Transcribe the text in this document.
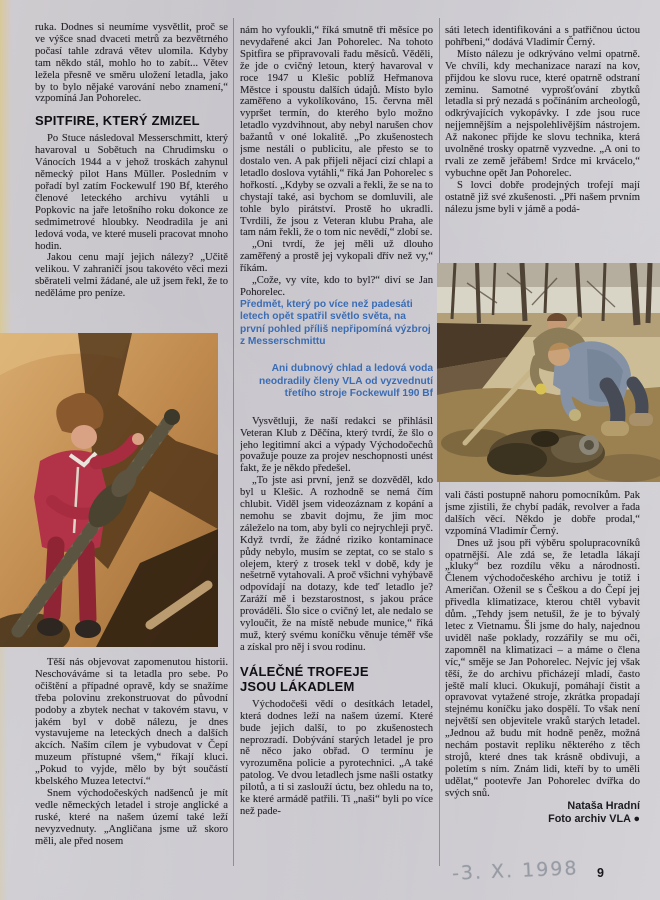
ruka. Dodnes si neumíme vysvětlit, proč se ve výšce snad dvaceti metrů za bezvětrného počasí tahle zdravá větev ulomila. Kdyby tam někdo stál, mohlo ho to zabít... Větev ležela přesně ve směru uložení letadla, jako by to bylo nějaké varování nebo znamení,“ vzpomíná Jan Pohorelec.

SPITFIRE, KTERÝ ZMIZEL

Po Stuce následoval Messerschmitt, který havaroval u Sobětuch na Chrudimsku o Vánocích 1944 a v jehož troskách zahynul německý pilot Hans Müller. Posledním v pořadí byl zatím Fockewulf 190 Bf, kterého členové leteckého archivu vytáhli u Popkovic na jaře letošního roku dokonce ze sedmimetrové hloubky. Neodradila je ani ledová voda, ve které museli pracovat mnoho hodin.

Jakou cenu mají jejich nálezy? „Učitě velikou. V zahraničí jsou takovéto věci mezi sběrateli velmi žádané, ale už jsem řekl, že to neděláme pro peníze.

Těší nás objevovat zapomenutou historii. Neschováváme si ta letadla pro sebe. Po očištění a případné opravě, kdy se snažíme třeba polovinu zrekonstruovat do původní podoby a zbytek nechat v takovém stavu, v jakém byl v době nálezu, je dnes vystavujeme na leteckých dnech a dalších akcích. Naším cílem je vybudovat v Čepí muzeum přístupné všem,“ říkají kluci. „Pokud to vyjde, mělo by být součástí kbelského Muzea letectví.“

Snem východočeských nadšenců je mít vedle německých letadel i stroje anglické a ruské, které na našem území také leží nevyzvednuty. „Angličana jsme už skoro měli, ale před nosem

nám ho vyfoukli,“ říká smutně tři měsíce po nevydařené akci Jan Pohorelec. Na tohoto Spitfira se připravovali řadu měsíců. Věděli, že jde o cvičný letoun, který havaroval v roce 1947 u Klešic poblíž Heřmanova Městce i spoustu dalších údajů. Místo bylo zaměřeno a vykolíkováno, 15. června měl vypršet termín, do kterého bylo možno letadlo vyzdvihnout, aby nebyl narušen chov bažantů v oné lokalitě. „Po zkušenostech jsme nestáli o publicitu, ale přesto se to dostalo ven. A pak přijeli nějací cizí chlapi a letadlo doslova vytáhli,“ říká Jan Pohorelec s hořkostí. „Kdyby se ozvali a řekli, že se na to chystají také, asi bychom se domluvili, ale tohle bylo pirátství. Prostě ho ukradli. Tvrdili, že jsou z Veteran klubu Praha, ale tam nám řekli, že o tom nic nevědí,“ zlobí se.

„Oni tvrdí, že jej měli už dlouho zaměřený a prostě jej vykopali dřív než vy,“ říkám.

„Cože, vy víte, kdo to byl?“ diví se Jan Pohorelec.

Předmět, který po více než padesáti letech opět spatřil světlo světa, na první pohled příliš nepřipomíná výzbroj z Messerschmittu

Ani dubnový chlad a ledová voda neodradily členy VLA od vyzvednutí třetího stroje Fockewulf 190 Bf

Vysvětluji, že naší redakci se přihlásil Veteran Klub z Děčína, který tvrdí, že šlo o jeho legitimní akci a výpady Východočechů považuje pouze za projev neschopnosti unést fakt, že je někdo předešel.

„To jste asi první, jenž se dozvěděl, kdo byl u Klešic. A rozhodně se nemá čím chlubit. Viděl jsem videozáznam z kopání a nemohu se zbavit dojmu, že jim moc záleželo na tom, aby byli co nejrychleji pryč. Když tvrdí, že žádné riziko kontaminace půdy nebylo, musím se zeptat, co se stalo s olejem, který z trosek tekl v době, kdy je nešetrně vytahovali. A proč všichni vyhýbavě odpovídají na dotazy, kde teď letadlo je? Zaráží mě i bezstarostnost, s jakou práce prováděli. Šlo sice o cvičný let, ale nedalo se vyloučit, že na místě nebude munice,“ říká muž, který svému koníčku věnuje téměř vše a získal pro něj i svou rodinu.

VÁLEČNÉ TROFEJE
JSOU LÁKADLEM

Východočeši vědí o desítkách letadel, která dodnes leží na našem území. Které bude jejich další, to po zkušenostech neprozradí. Dobývání starých letadel je pro ně něco jako obřad. O termínu je vyrozuměna policie a pyrotechnici. „A také patolog. Ve dvou letadlech jsme našli ostatky pilotů, a ti si zaslouží úctu, bez ohledu na to, ke které armádě patřili. Ti „naši“ byli po více než pade-

sáti letech identifikováni a s patřičnou úctou pohřbeni,“ dodává Vladimír Černý.

Místo nálezu je odkrýváno velmi opatrně. Ve chvíli, kdy mechanizace narazí na kov, přijdou ke slovu ruce, které opatrně odstraní zeminu. Samotné vyprošťování zbytků letadla si prý nezadá s počínáním archeologů, odkrývajících vykopávky. I zde jsou ruce nejjemnějším a nejspolehlivějším nástrojem. Až nakonec přijde ke slovu technika, která uvolněné trosky opatrně vyzvedne. „A oni to rvali ze země jeřábem! Srdce mi krvácelo,“ vybuchne opět Jan Pohorelec.

S lovci dobře prodejných trofejí mají ostatně již své zkušenosti. „Při našem prvním nálezu jsme byli v jámě a podá-

vali části postupně nahoru pomocníkům. Pak jsme zjistili, že chybí padák, revolver a řada dalších věcí. Někdo je dobře prodal,“ vzpomíná Vladimír Černý.

Dnes už jsou při výběru spolupracovníků opatrnější. Ale zdá se, že letadla lákají „kluky“ bez rozdílu věku a národnosti. Členem východočeského archivu je totiž i Američan. Oženil se s Češkou a do Čepí jej přivedla klimatizace, kterou chtěl vybavit dům. „Tehdy jsem netušil, že je to bývalý letec z Vietnamu. Šli jsme do haly, najednou uviděl naše poklady, rozzářily se mu oči, zapomněl na klimatizaci – a máme o člena víc,“ směje se Jan Pohorelec. Nejvíc jej však těší, že do archivu přicházejí mladí, často ještě malí kluci. Okukují, pomáhají čistit a opravovat vytažené stroje, zkrátka propadají stejnému koníčku jako dospělí. To však není největší sen objevitele vraků starých letadel. „Jednou až budu mít hodně peněz, možná nechám postavit repliku některého z těch strojů, které dnes tak krásně obdivuji, a poletím s ním. Znám lidi, kteří by to uměli udělat,“ pootevře Jan Pohorelec dvířka do svých snů.

Nataša Hradní

Foto archiv VLA ●

-3. X. 1998 9
